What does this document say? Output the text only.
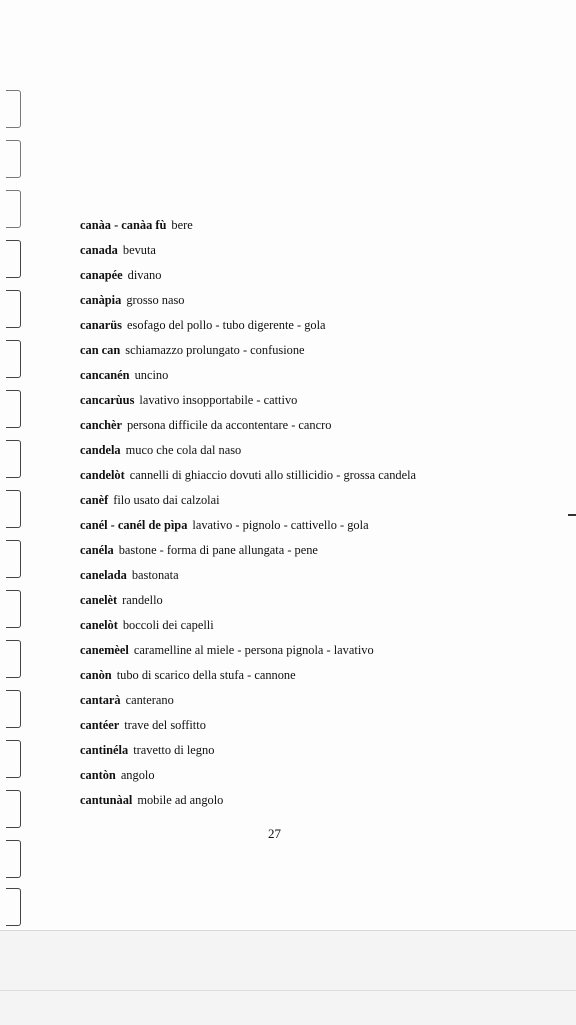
canàa - canàa fù bere
canada bevuta
canapée divano
canàpia grosso naso
canarüs esofago del pollo - tubo digerente - gola
can can schiamazzo prolungato - confusione
cancanén uncino
cancarùus lavativo insopportabile - cattivo
canchèr persona difficile da accontentare - cancro
candela muco che cola dal naso
candelòt cannelli di ghiaccio dovuti allo stillicidio - grossa candela
canèf filo usato dai calzolai
canél - canél de pìpa lavativo - pignolo - cattivello - gola
canéla bastone - forma di pane allungata - pene
canelada bastonata
canelèt randello
canelòt boccoli dei capelli
canemèel caramelline al miele - persona pignola - lavativo
canòn tubo di scarico della stufa - cannone
cantarà canterano
cantéer trave del soffitto
cantinéla travetto di legno
cantòn angolo
cantunàal mobile ad angolo
27
